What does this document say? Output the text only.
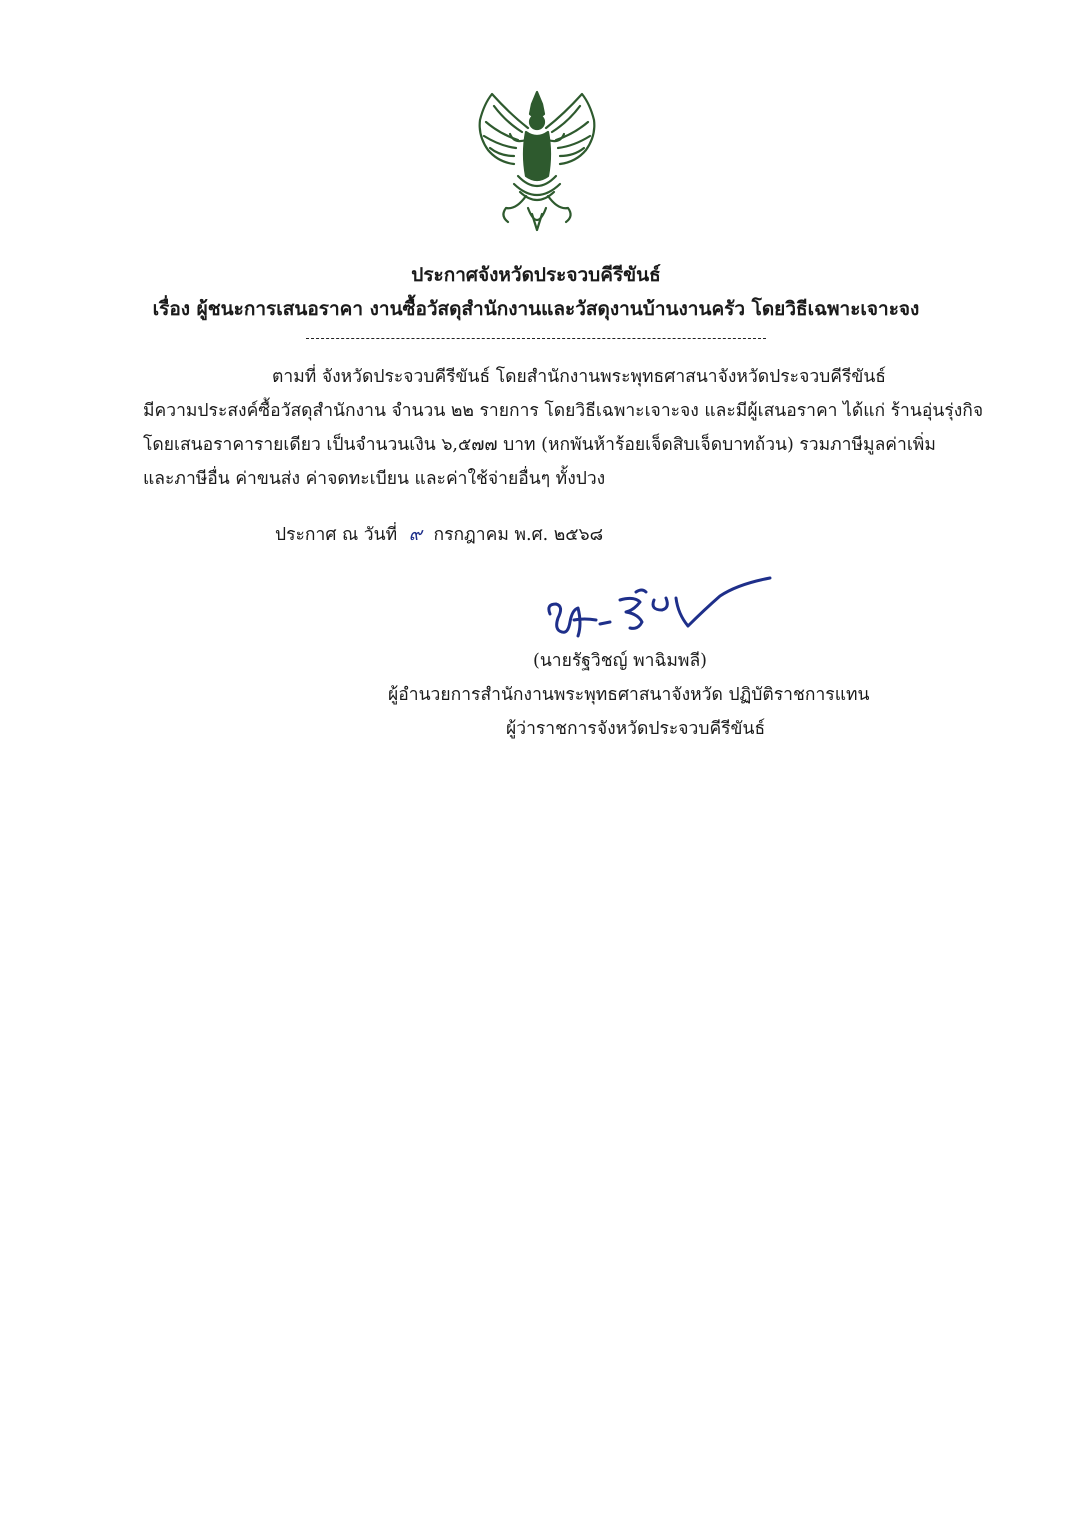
ประกาศจังหวัดประจวบคีรีขันธ์
เรื่อง ผู้ชนะการเสนอราคา งานซื้อวัสดุสำนักงานและวัสดุงานบ้านงานครัว โดยวิธีเฉพาะเจาะจง
ตามที่ จังหวัดประจวบคีรีขันธ์ โดยสำนักงานพระพุทธศาสนาจังหวัดประจวบคีรีขันธ์
มีความประสงค์ซื้อวัสดุสำนักงาน จำนวน ๒๒ รายการ โดยวิธีเฉพาะเจาะจง และมีผู้เสนอราคา ได้แก่ ร้านอุ่นรุ่งกิจ
โดยเสนอราคารายเดียว เป็นจำนวนเงิน ๖,๕๗๗ บาท (หกพันห้าร้อยเจ็ดสิบเจ็ดบาทถ้วน) รวมภาษีมูลค่าเพิ่ม
และภาษีอื่น ค่าขนส่ง ค่าจดทะเบียน และค่าใช้จ่ายอื่นๆ ทั้งปวง
ประกาศ ณ วันที่ ๙ กรกฎาคม พ.ศ. ๒๕๖๘
(นายรัฐวิชญ์ พาฉิมพลี)
ผู้อำนวยการสำนักงานพระพุทธศาสนาจังหวัด ปฏิบัติราชการแทน
ผู้ว่าราชการจังหวัดประจวบคีรีขันธ์
